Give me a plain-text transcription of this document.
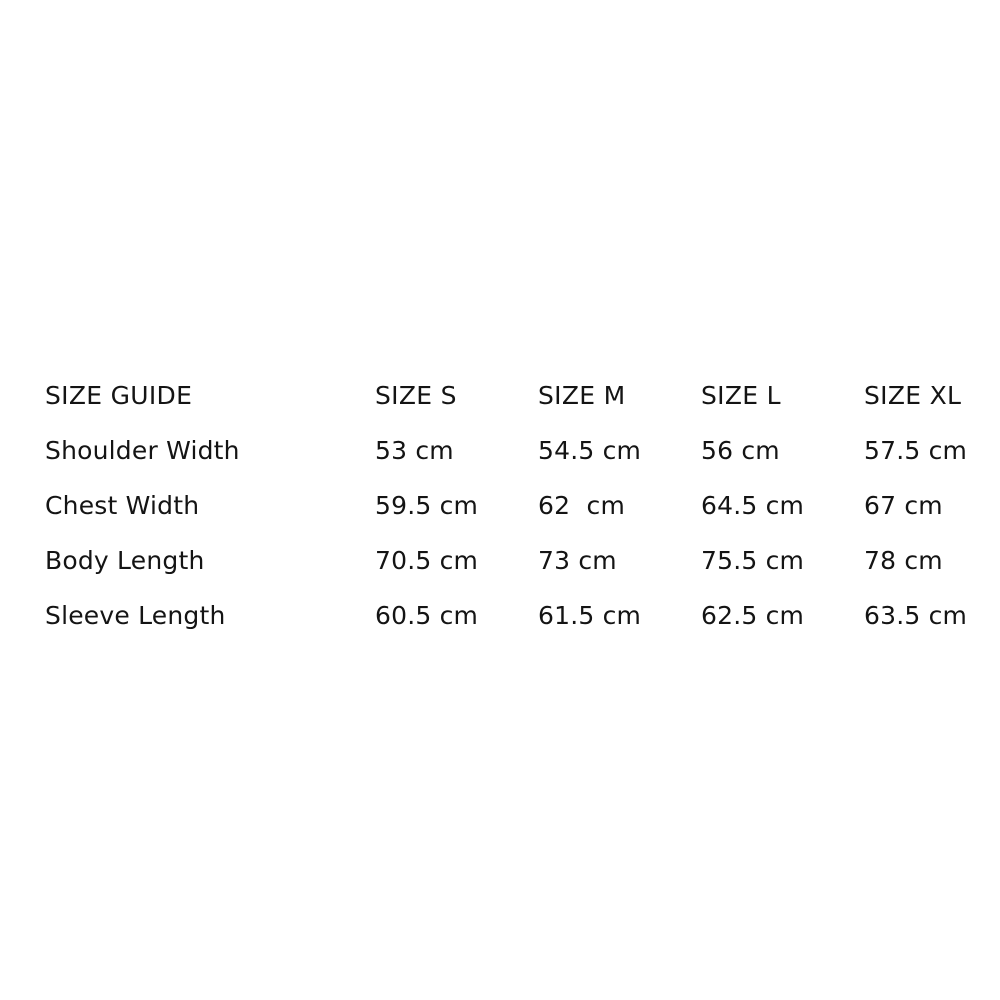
SIZE GUIDE	SIZE S	SIZE M	SIZE L	SIZE XL
Shoulder Width	53 cm	54.5 cm	56 cm	57.5 cm
Chest Width	59.5 cm	62  cm	64.5 cm	67 cm
Body Length	70.5 cm	73 cm	75.5 cm	78 cm
Sleeve Length	60.5 cm	61.5 cm	62.5 cm	63.5 cm
